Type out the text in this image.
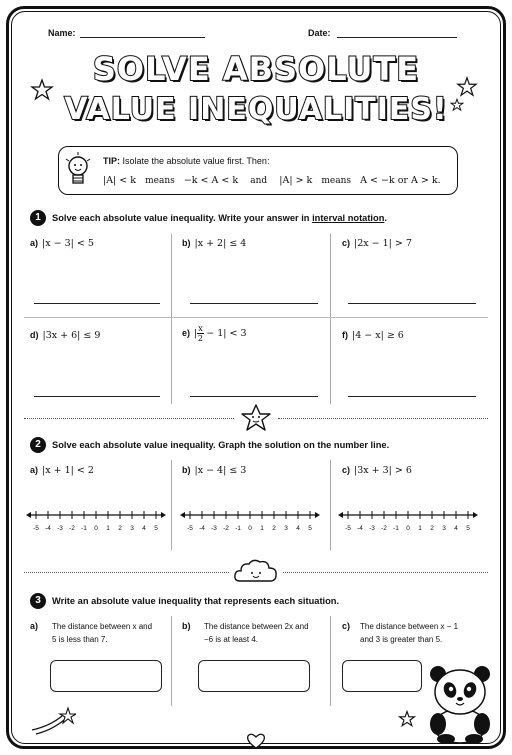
Name:	Date:
SOLVE ABSOLUTE
VALUE INEQUALITIES!
TIP: Isolate the absolute value first. Then:
|A| < k means −k < A < k and |A| > k means A < −k or A > k.
1	Solve each absolute value inequality. Write your answer in interval notation.
a) |x − 3| < 5	b) |x + 2| ≤ 4	c) |2x − 1| > 7
d) |3x + 6| ≤ 9	e) | $\frac{x}{2} - 1| < 3$	f) |4 − x| ≥ 6
2	Solve each absolute value inequality. Graph the solution on the number line.
a) |x + 1| < 2	b) |x − 4| ≤ 3	c) |3x + 3| > 6
-5 -4 -3 -2 -1 0 1 2 3 4 5	-5 -4 -3 -2 -1 0 1 2 3 4 5	-5 -4 -3 -2 -1 0 1 2 3 4 5
3	Write an absolute value inequality that represents each situation.
a) The distance between x and
5 is less than 7.
b) The distance between 2x and
−6 is at least 4.
c) The distance between x − 1
and 3 is greater than 5.
